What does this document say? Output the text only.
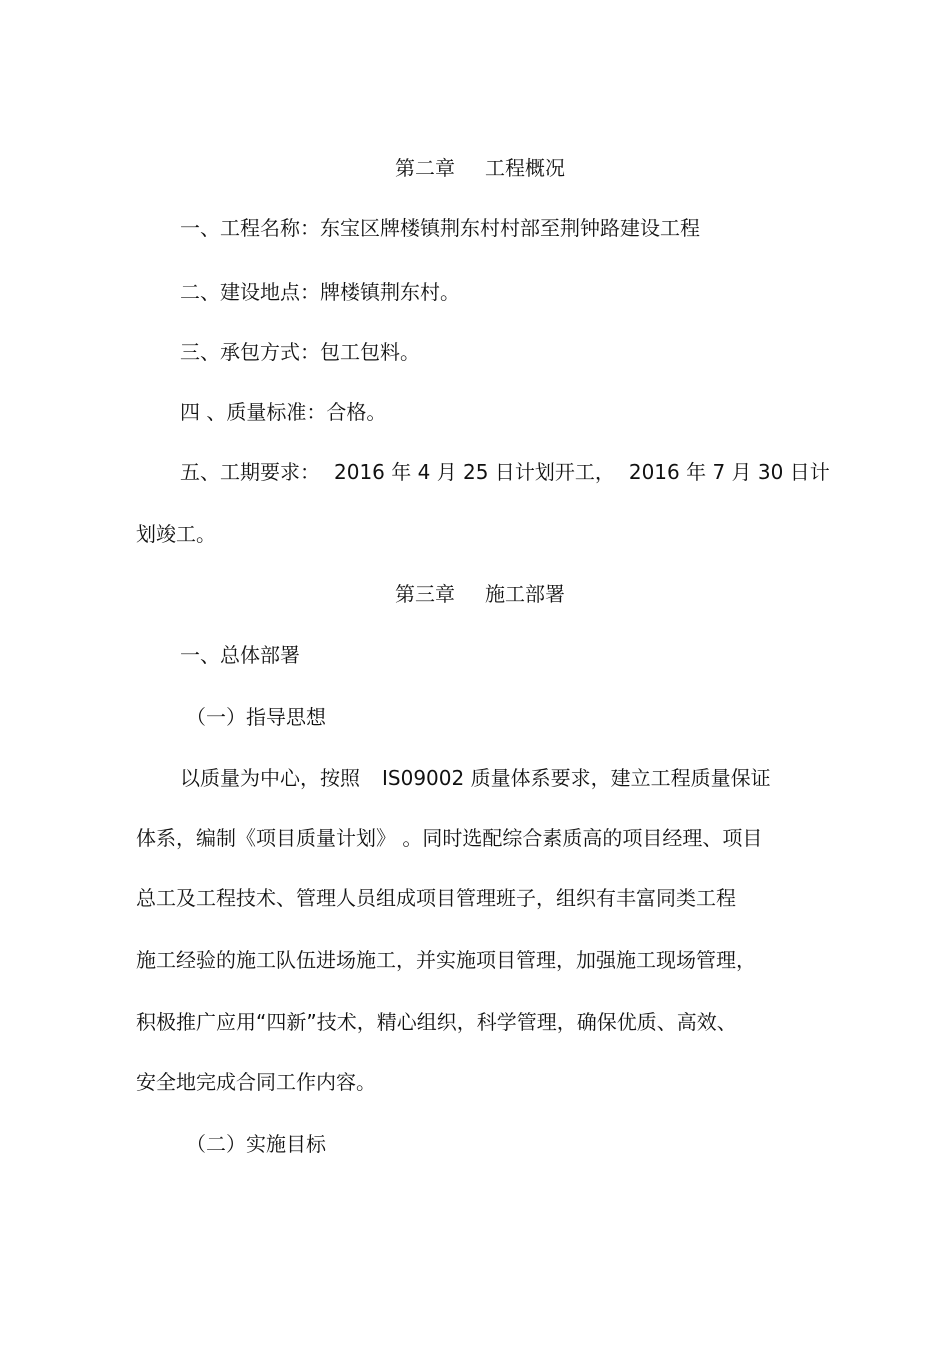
第二章 工程概况
一、工程名称：东宝区牌楼镇荆东村村部至荆钟路建设工程
二、建设地点：牌楼镇荆东村。
三、承包方式：包工包料。
四 、质量标准：合格。
五、工期要求： 2016 年 4 月 25 日计划开工， 2016 年 7 月 30 日计
划竣工。
第三章 施工部署
一、总体部署
（一）指导思想
以质量为中心，按照 IS09002 质量体系要求，建立工程质量保证
体系，编制《项目质量计划》 。同时选配综合素质高的项目经理、项目
总工及工程技术、管理人员组成项目管理班子，组织有丰富同类工程
施工经验的施工队伍进场施工，并实施项目管理，加强施工现场管理，
积极推广应用“四新”技术，精心组织，科学管理，确保优质、高效、
安全地完成合同工作内容。
（二）实施目标
